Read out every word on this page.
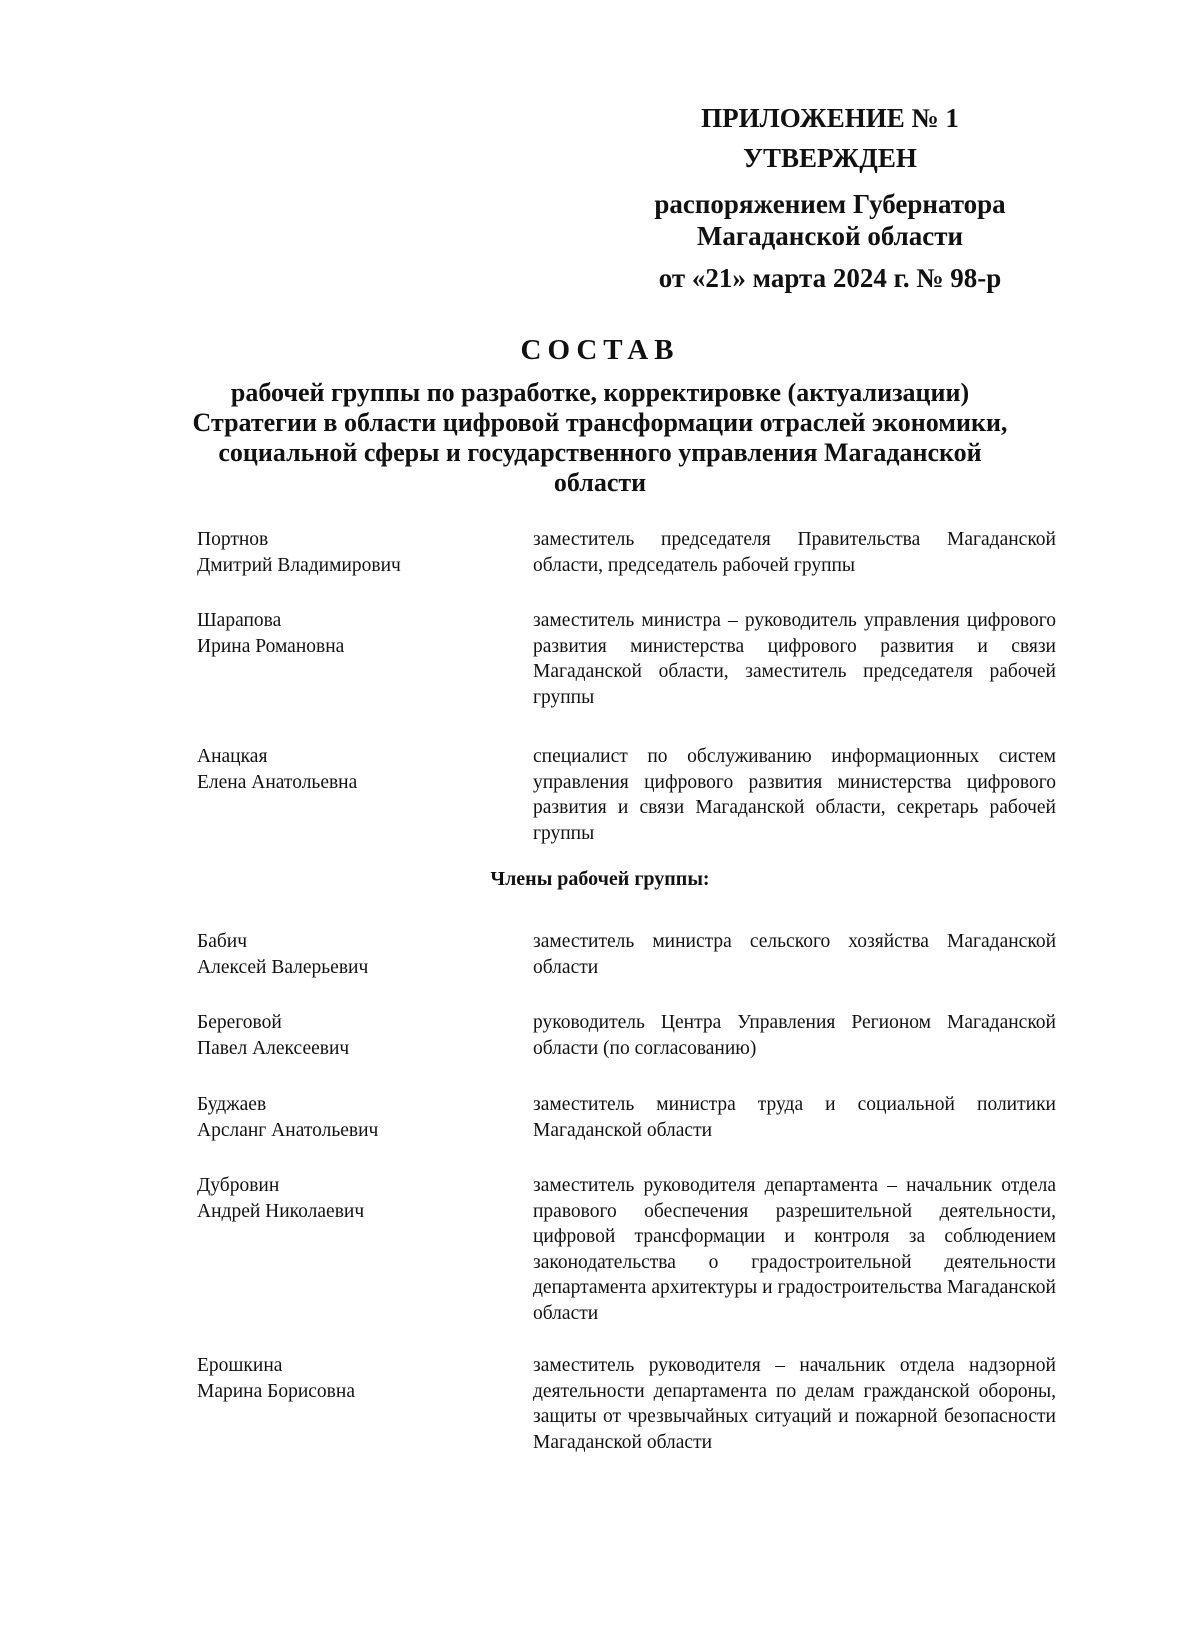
ПРИЛОЖЕНИЕ № 1
УТВЕРЖДЕН
распоряжением Губернатора
Магаданской области
от «21» марта 2024 г. № 98-р
СОСТАВ
рабочей группы по разработке, корректировке (актуализации)
Стратегии в области цифровой трансформации отраслей экономики,
социальной сферы и государственного управления Магаданской
области
Портнов
Дмитрий Владимирович
заместитель председателя Правительства Магаданской области, председатель рабочей группы
Шарапова
Ирина Романовна
заместитель министра – руководитель управления цифрового развития министерства цифрового развития и связи Магаданской области, заместитель председателя рабочей группы
Анацкая
Елена Анатольевна
специалист по обслуживанию информационных систем управления цифрового развития министерства цифрового развития и связи Магаданской области, секретарь рабочей группы
Члены рабочей группы:
Бабич
Алексей Валерьевич
заместитель министра сельского хозяйства Магаданской области
Береговой
Павел Алексеевич
руководитель Центра Управления Регионом Магаданской области (по согласованию)
Буджаев
Арсланг Анатольевич
заместитель министра труда и социальной политики Магаданской области
Дубровин
Андрей Николаевич
заместитель руководителя департамента – начальник отдела правового обеспечения разрешительной деятельности, цифровой трансформации и контроля за соблюдением законодательства о градостроительной деятельности департамента архитектуры и градостроительства Магаданской области
Ерошкина
Марина Борисовна
заместитель руководителя – начальник отдела надзорной деятельности департамента по делам гражданской обороны, защиты от чрезвычайных ситуаций и пожарной безопасности Магаданской области
